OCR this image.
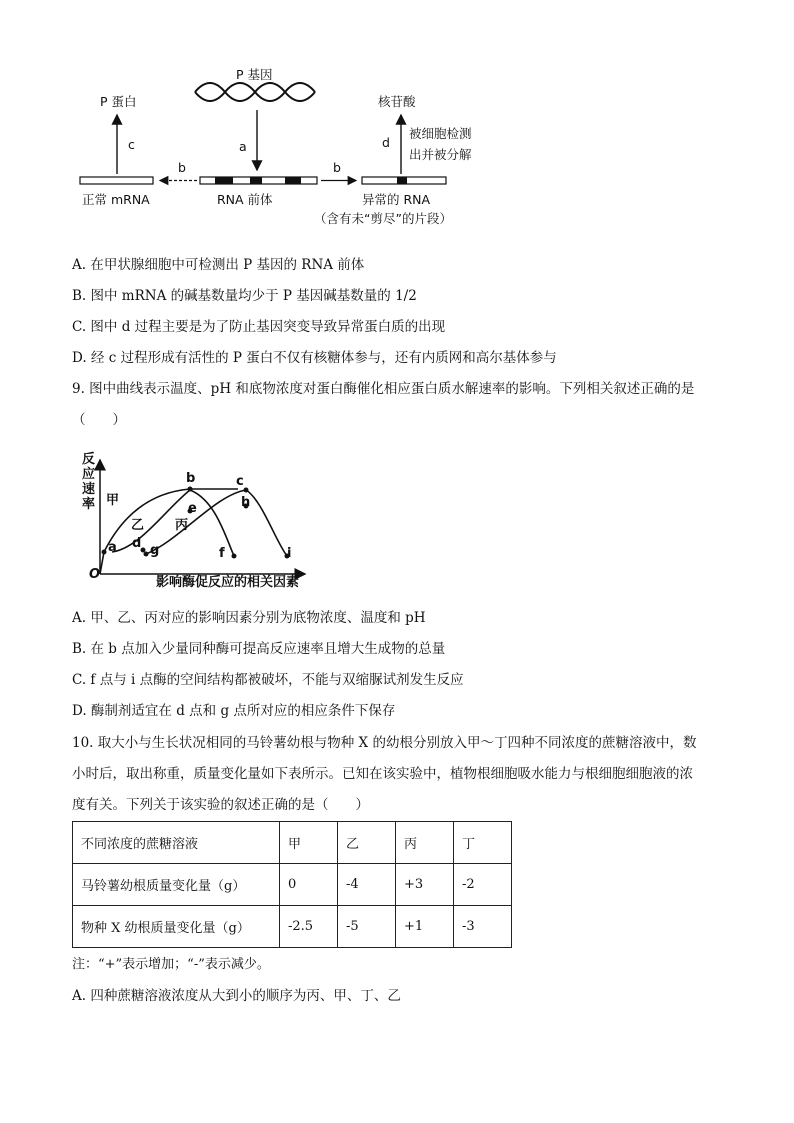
P 基因
P 蛋白	核苷酸
c	a	d
被细胞检测
出并被分解
b	b
正常 mRNA	RNA 前体	异常的 RNA
（含有未“剪尽”的片段）
A. 在甲状腺细胞中可检测出 P 基因的 RNA 前体
B. 图中 mRNA 的碱基数量均少于 P 基因碱基数量的 1/2
C. 图中 d 过程主要是为了防止基因突变导致异常蛋白质的出现
D. 经 c 过程形成有活性的 P 蛋白不仅有核糖体参与，还有内质网和高尔基体参与
9. 图中曲线表示温度、pH 和底物浓度对蛋白酶催化相应蛋白质水解速率的影响。下列相关叙述正确的是
（　　）
反应速率
影响酶促反应的相关因素
O
甲
乙 丙
a
b	c
d
e
f
g
h
i
A. 甲、乙、丙对应的影响因素分别为底物浓度、温度和 pH
B. 在 b 点加入少量同种酶可提高反应速率且增大生成物的总量
C. f 点与 i 点酶的空间结构都被破坏，不能与双缩脲试剂发生反应
D. 酶制剂适宜在 d 点和 g 点所对应的相应条件下保存
10. 取大小与生长状况相同的马铃薯幼根与物种 X 的幼根分别放入甲～丁四种不同浓度的蔗糖溶液中，数
小时后，取出称重，质量变化量如下表所示。已知在该实验中，植物根细胞吸水能力与根细胞细胞液的浓
度有关。下列关于该实验的叙述正确的是（　　）
不同浓度的蔗糖溶液	甲	乙	丙	丁
马铃薯幼根质量变化量（g）	0	-4	+3	-2
物种 X 幼根质量变化量（g）	-2.5	-5	+1	-3
注：“+”表示增加；“-”表示减少。
A. 四种蔗糖溶液浓度从大到小的顺序为丙、甲、丁、乙
